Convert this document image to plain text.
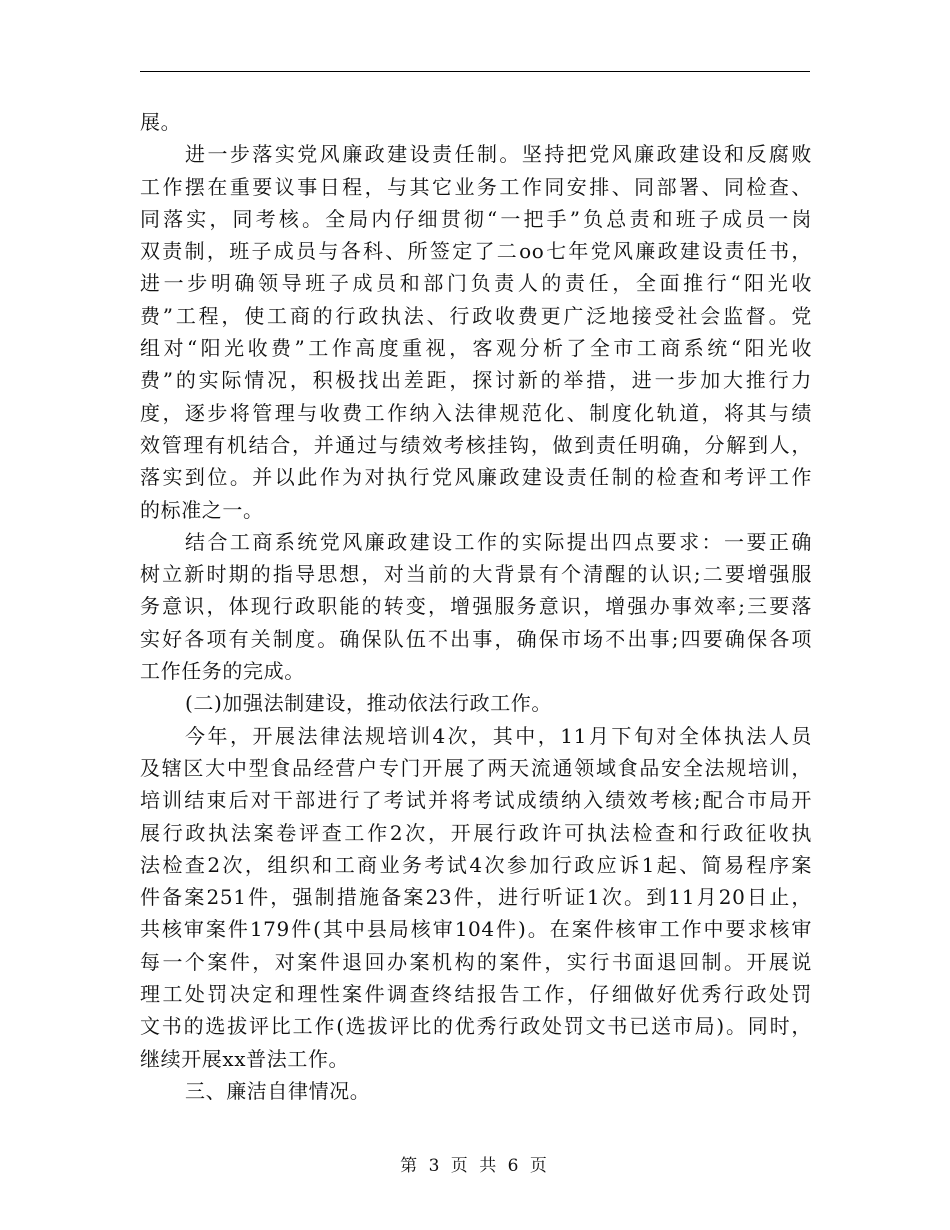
展。
进一步落实党风廉政建设责任制。坚持把党风廉政建设和反腐败
工作摆在重要议事日程，与其它业务工作同安排、同部署、同检查、
同落实，同考核。全局内仔细贯彻“一把手”负总责和班子成员一岗
双责制，班子成员与各科、所签定了二oo七年党风廉政建设责任书，
进一步明确领导班子成员和部门负责人的责任，全面推行“阳光收
费”工程，使工商的行政执法、行政收费更广泛地接受社会监督。党
组对“阳光收费”工作高度重视，客观分析了全市工商系统“阳光收
费”的实际情况，积极找出差距，探讨新的举措，进一步加大推行力
度，逐步将管理与收费工作纳入法律规范化、制度化轨道，将其与绩
效管理有机结合，并通过与绩效考核挂钩，做到责任明确，分解到人，
落实到位。并以此作为对执行党风廉政建设责任制的检查和考评工作
的标准之一。
结合工商系统党风廉政建设工作的实际提出四点要求：一要正确
树立新时期的指导思想，对当前的大背景有个清醒的认识;二要增强服
务意识，体现行政职能的转变，增强服务意识，增强办事效率;三要落
实好各项有关制度。确保队伍不出事，确保市场不出事;四要确保各项
工作任务的完成。
(二)加强法制建设，推动依法行政工作。
今年，开展法律法规培训4次，其中，11月下旬对全体执法人员
及辖区大中型食品经营户专门开展了两天流通领域食品安全法规培训，
培训结束后对干部进行了考试并将考试成绩纳入绩效考核;配合市局开
展行政执法案卷评查工作2次，开展行政许可执法检查和行政征收执
法检查2次，组织和工商业务考试4次参加行政应诉1起、简易程序案
件备案251件，强制措施备案23件，进行听证1次。到11月20日止，
共核审案件179件(其中县局核审104件)。在案件核审工作中要求核审
每一个案件，对案件退回办案机构的案件，实行书面退回制。开展说
理工处罚决定和理性案件调查终结报告工作，仔细做好优秀行政处罚
文书的选拔评比工作(选拔评比的优秀行政处罚文书已送市局)。同时，
继续开展xx普法工作。
三、廉洁自律情况。
第 3 页 共 6 页
